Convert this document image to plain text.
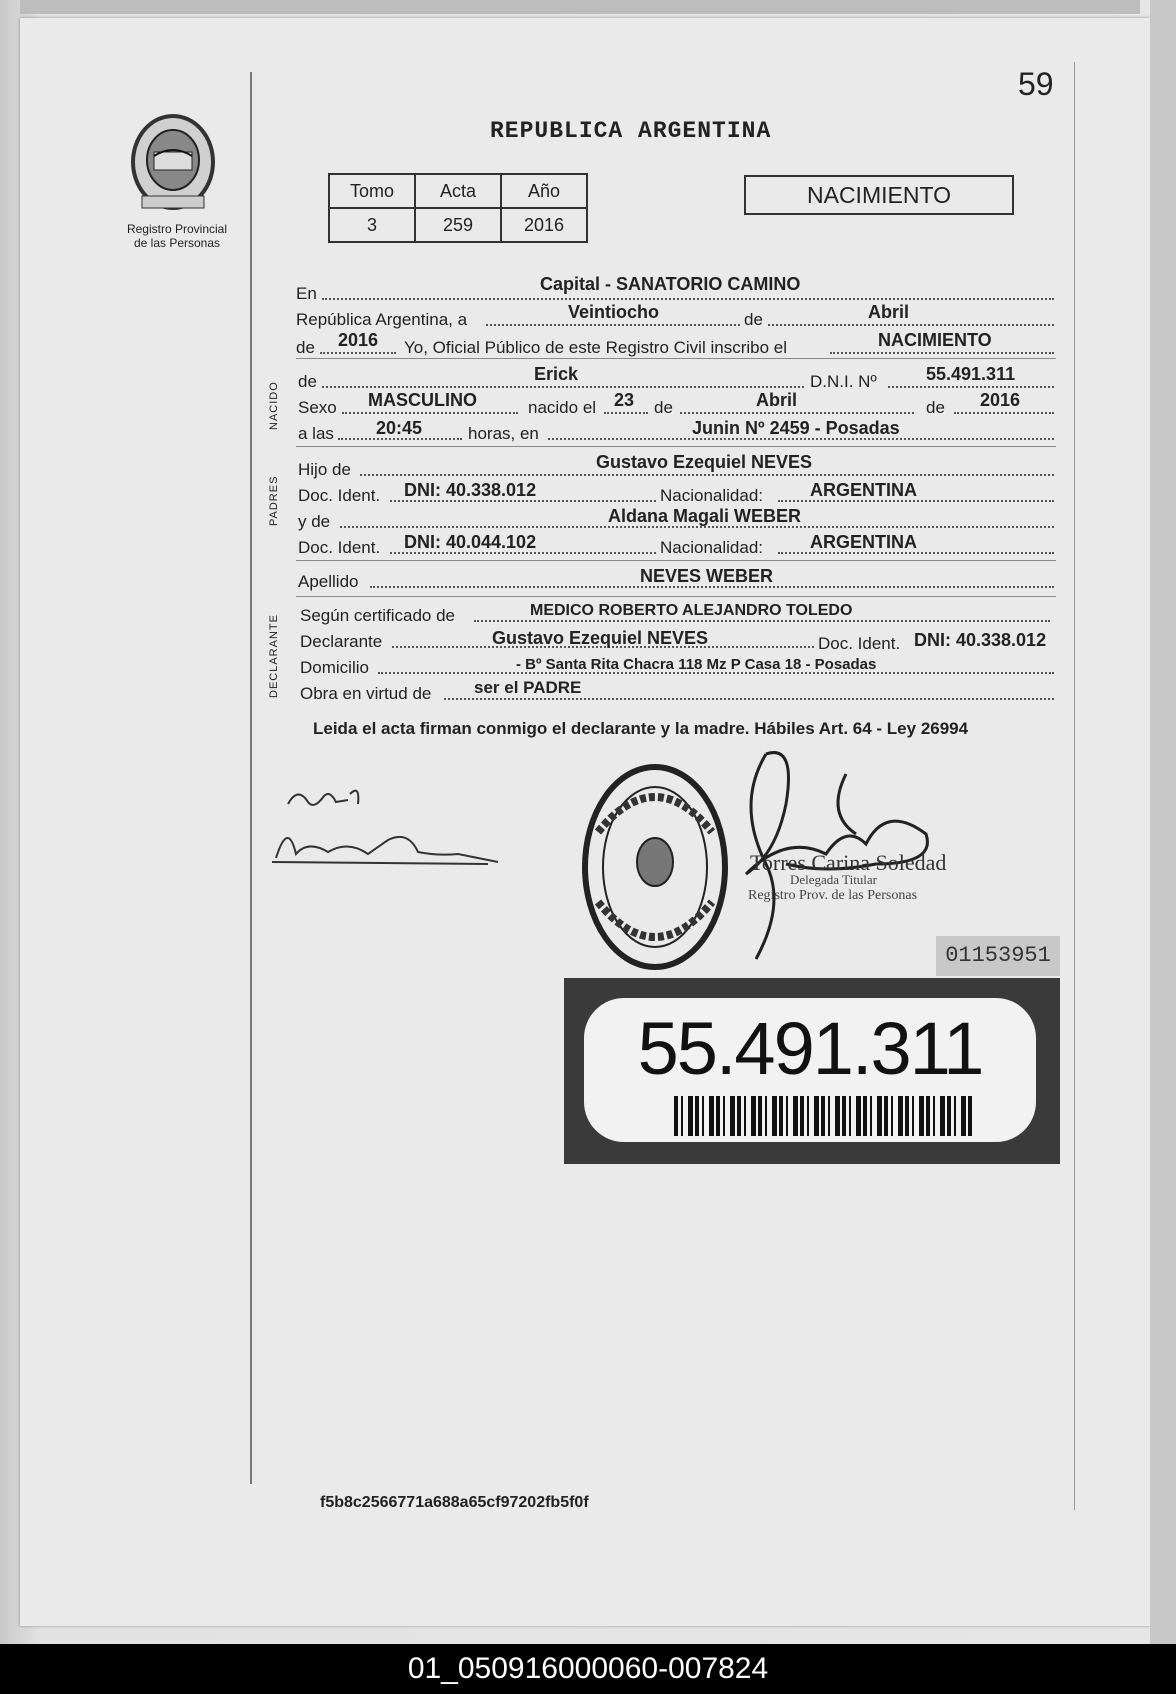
59
Registro Provincial
de las Personas
REPUBLICA ARGENTINA
Tomo	Acta	Año
3	259	2016
NACIMIENTO
En	Capital - SANATORIO CAMINO
República Argentina, a	Veintiocho	de	Abril
de 2016 Yo, Oficial Público de este Registro Civil inscribo el	NACIMIENTO
NACIDO de	Erick	D.N.I. Nº	55.491.311
Sexo MASCULINO	nacido el 23 de	Abril	de 2016
a las 20:45	horas, en	Junin Nº 2459 - Posadas
PADRES
Hijo de	Gustavo Ezequiel NEVES
Doc. Ident. DNI: 40.338.012	Nacionalidad:	ARGENTINA
y de	Aldana Magali WEBER
Doc. Ident. DNI: 40.044.102	Nacionalidad:	ARGENTINA
Apellido	NEVES WEBER
DECLARANTE Según certificado de	MEDICO ROBERTO ALEJANDRO TOLEDO
Declarante	Gustavo Ezequiel NEVES	Doc. Ident. DNI: 40.338.012
Domicilio	- Bº Santa Rita Chacra 118 Mz P Casa 18 - Posadas
Obra en virtud de	ser el PADRE
Leida el acta firman conmigo el declarante y la madre. Hábiles Art. 64 - Ley 26994
Torres Carina Soledad
Delegada Titular
Registro Prov. de las Personas
01153951
55.491.311
f5b8c2566771a688a65cf97202fb5f0f
01_050916000060-007824
